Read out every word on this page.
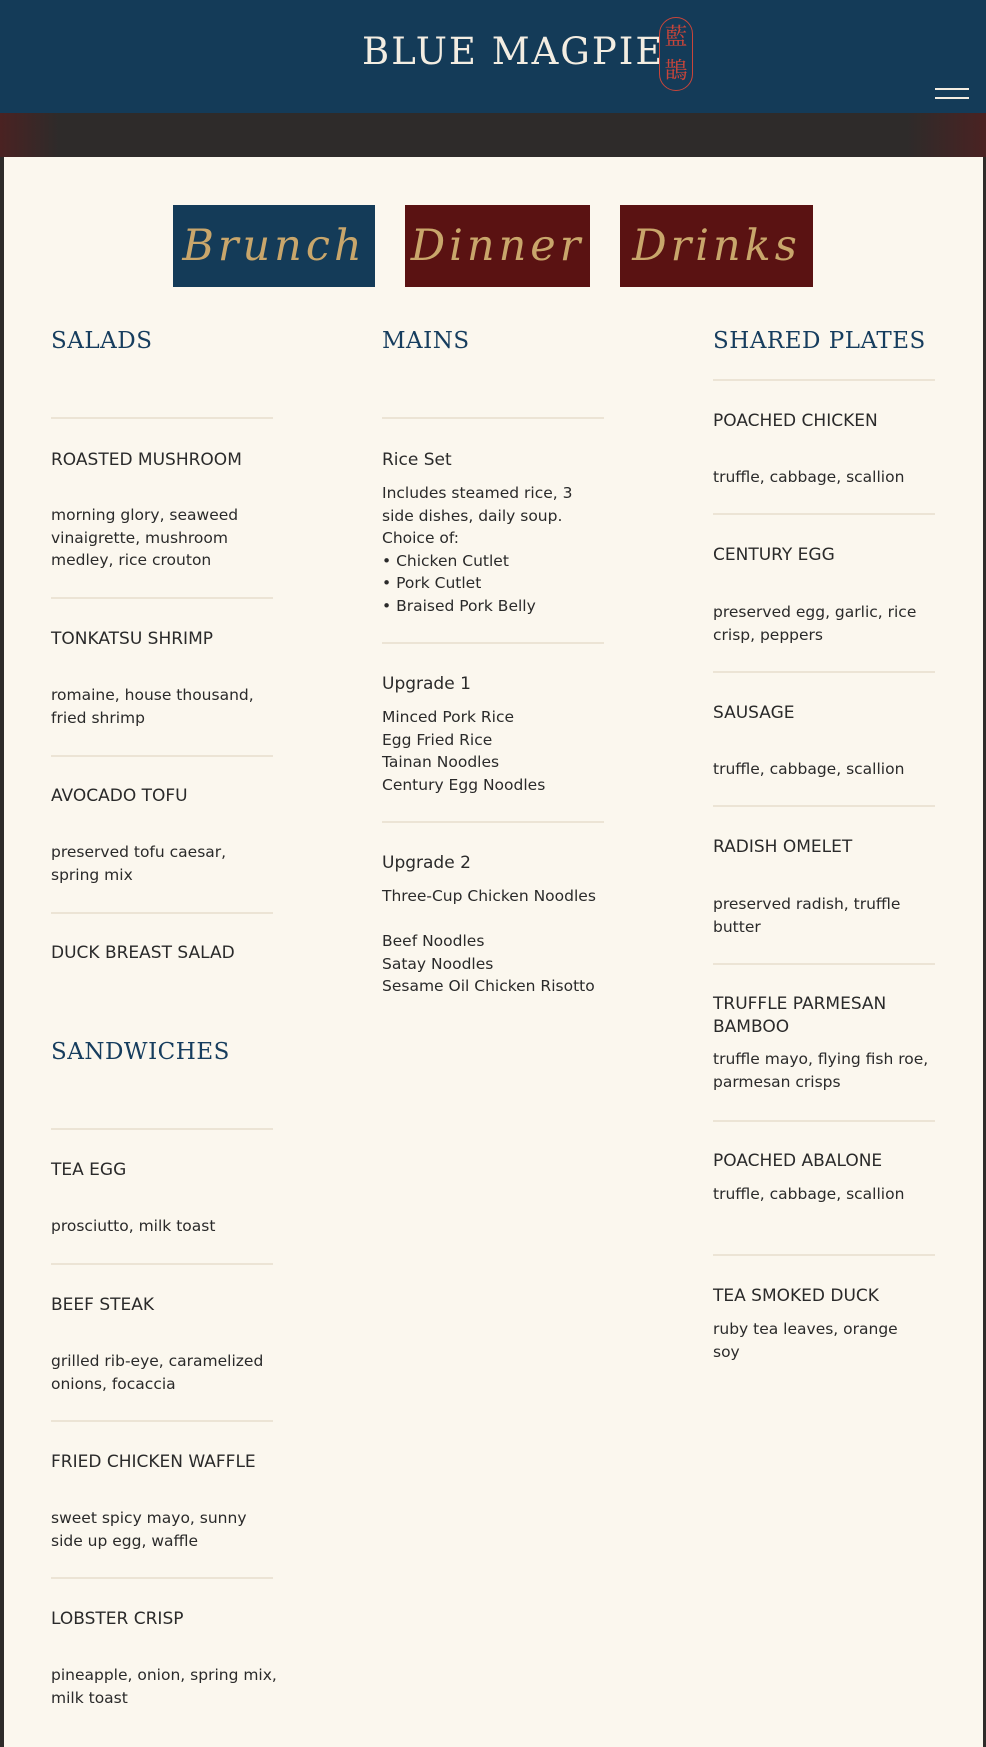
BLUE MAGPIE 藍
鵲
Brunch Dinner Drinks
SALADS
ROASTED MUSHROOM
morning glory, seaweed vinaigrette, mushroom medley, rice crouton
TONKATSU SHRIMP
romaine, house thousand, fried shrimp
AVOCADO TOFU
preserved tofu caesar, spring mix
DUCK BREAST SALAD
SANDWICHES
TEA EGG
prosciutto, milk toast
BEEF STEAK
grilled rib-eye, caramelized onions, focaccia
FRIED CHICKEN WAFFLE
sweet spicy mayo, sunny side up egg, waffle
LOBSTER CRISP
pineapple, onion, spring mix, milk toast
MAINS
Rice Set
Includes steamed rice, 3 side dishes, daily soup.
Choice of:
• Chicken Cutlet
• Pork Cutlet
• Braised Pork Belly
Upgrade 1
Minced Pork Rice
Egg Fried Rice
Tainan Noodles
Century Egg Noodles
Upgrade 2
Three-Cup Chicken Noodles

Beef Noodles
Satay Noodles
Sesame Oil Chicken Risotto
SHARED PLATES
POACHED CHICKEN
truffle, cabbage, scallion
CENTURY EGG
preserved egg, garlic, rice crisp, peppers
SAUSAGE
truffle, cabbage, scallion
RADISH OMELET
preserved radish, truffle butter
TRUFFLE PARMESAN BAMBOO
truffle mayo, flying fish roe, parmesan crisps
POACHED ABALONE
truffle, cabbage, scallion
TEA SMOKED DUCK
ruby tea leaves, orange soy
